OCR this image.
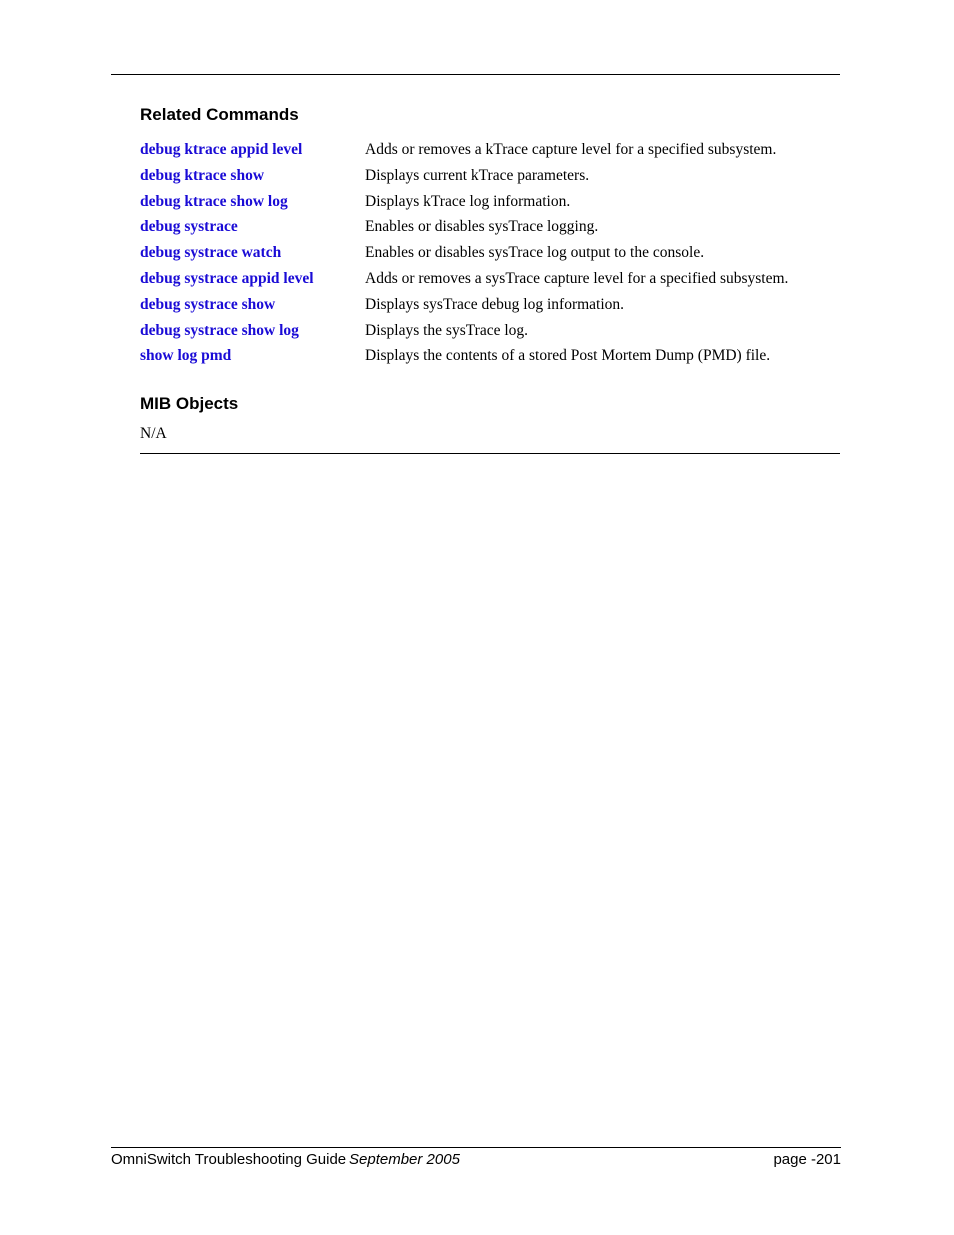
Related Commands
debug ktrace appid level	Adds or removes a kTrace capture level for a specified subsystem.
debug ktrace show	Displays current kTrace parameters.
debug ktrace show log	Displays kTrace log information.
debug systrace	Enables or disables sysTrace logging.
debug systrace watch	Enables or disables sysTrace log output to the console.
debug systrace appid level	Adds or removes a sysTrace capture level for a specified subsystem.
debug systrace show	Displays sysTrace debug log information.
debug systrace show log	Displays the sysTrace log.
show log pmd	Displays the contents of a stored Post Mortem Dump (PMD) file.
MIB Objects
N/A
OmniSwitch Troubleshooting Guide September 2005	page -201
